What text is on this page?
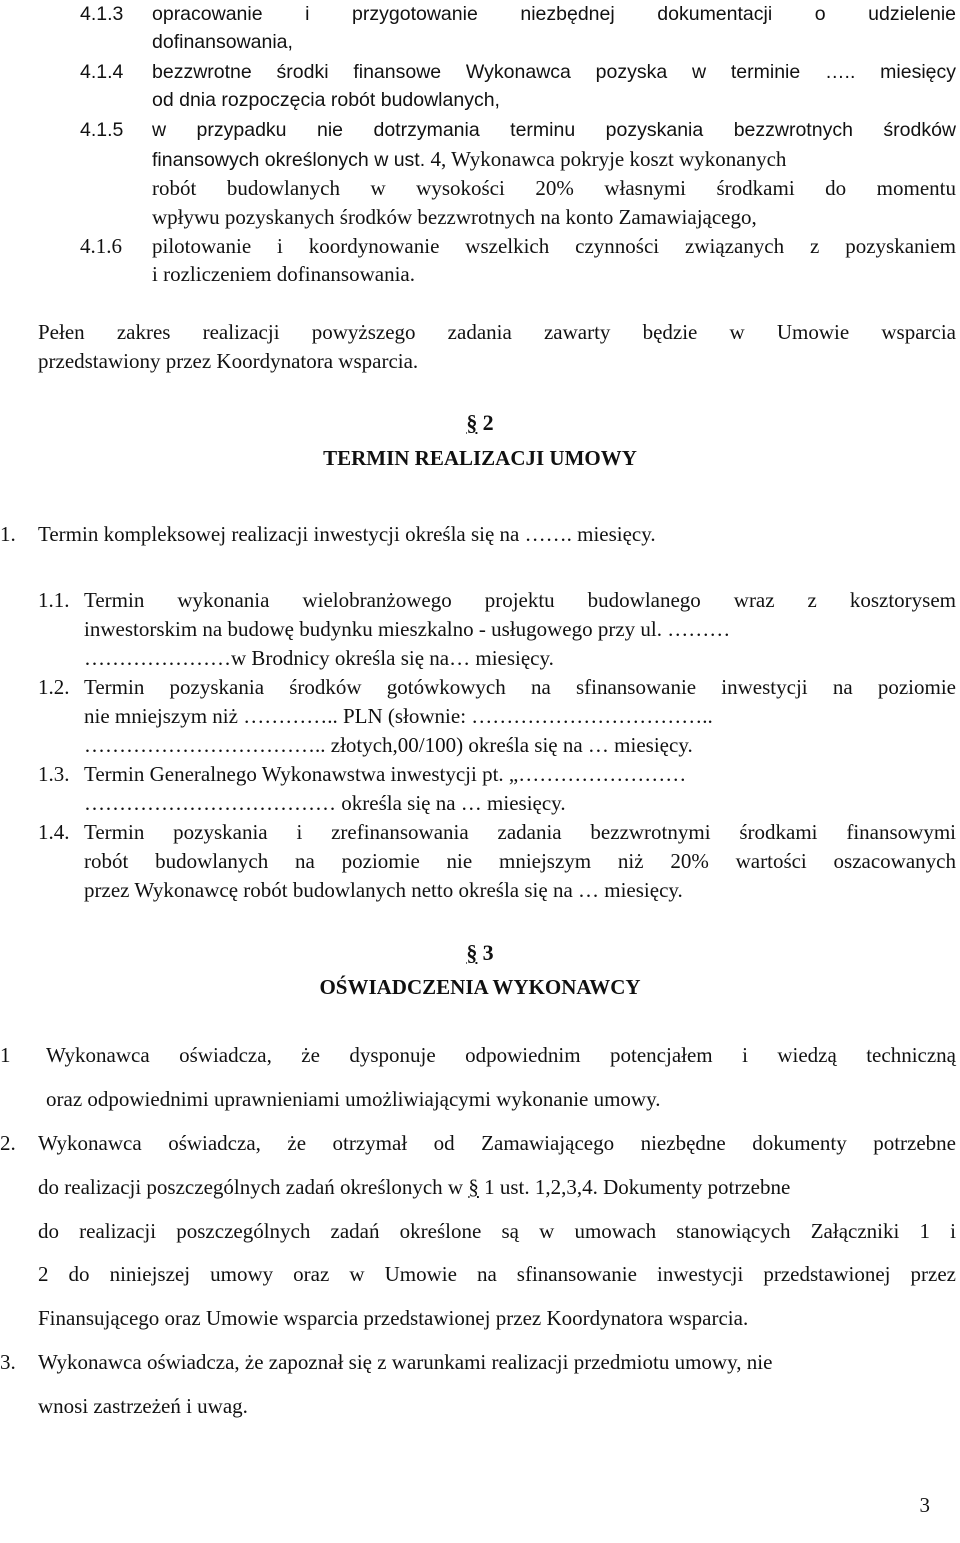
4.1.3 opracowanie i przygotowanie niezbędnej dokumentacji o udzielenie
dofinansowania,
4.1.4 bezzwrotne środki finansowe Wykonawca pozyska w terminie ….. miesięcy
od dnia rozpoczęcia robót budowlanych,
4.1.5 w przypadku nie dotrzymania terminu pozyskania bezzwrotnych środków
finansowych określonych w ust. 4, Wykonawca pokryje koszt wykonanych
robót budowlanych w wysokości 20% własnymi środkami do momentu
wpływu pozyskanych środków bezzwrotnych na konto Zamawiającego,
4.1.6 pilotowanie i koordynowanie wszelkich czynności związanych z pozyskaniem
i rozliczeniem dofinansowania.
Pełen zakres realizacji powyższego zadania zawarty będzie w Umowie wsparcia
przedstawiony przez Koordynatora wsparcia.
§ 2
TERMIN REALIZACJI UMOWY
1. Termin kompleksowej realizacji inwestycji określa się na ……. miesięcy.
1.1. Termin wykonania wielobranżowego projektu budowlanego wraz z kosztorysem
inwestorskim na budowę budynku mieszkalno - usługowego przy ul. ………
…………………w Brodnicy określa się na… miesięcy.
1.2. Termin pozyskania środków gotówkowych na sfinansowanie inwestycji na poziomie
nie mniejszym niż ………….. PLN (słownie: ……………………………..
…………………………….. złotych,00/100) określa się na … miesięcy.
1.3. Termin Generalnego Wykonawstwa inwestycji pt. „……………………
……………………………… określa się na … miesięcy.
1.4. Termin pozyskania i zrefinansowania zadania bezzwrotnymi środkami finansowymi
robót budowlanych na poziomie nie mniejszym niż 20% wartości oszacowanych
przez Wykonawcę robót budowlanych netto określa się na … miesięcy.
§ 3
OŚWIADCZENIA WYKONAWCY
1 Wykonawca oświadcza, że dysponuje odpowiednim potencjałem i wiedzą techniczną
oraz odpowiednimi uprawnieniami umożliwiającymi wykonanie umowy.
2. Wykonawca oświadcza, że otrzymał od Zamawiającego niezbędne dokumenty potrzebne
do realizacji poszczególnych zadań określonych w § 1 ust. 1,2,3,4. Dokumenty potrzebne
do realizacji poszczególnych zadań określone są w umowach stanowiących Załączniki 1 i
2 do niniejszej umowy oraz w Umowie na sfinansowanie inwestycji przedstawionej przez
Finansującego oraz Umowie wsparcia przedstawionej przez Koordynatora wsparcia.
3. Wykonawca oświadcza, że zapoznał się z warunkami realizacji przedmiotu umowy, nie
wnosi zastrzeżeń i uwag.
3
